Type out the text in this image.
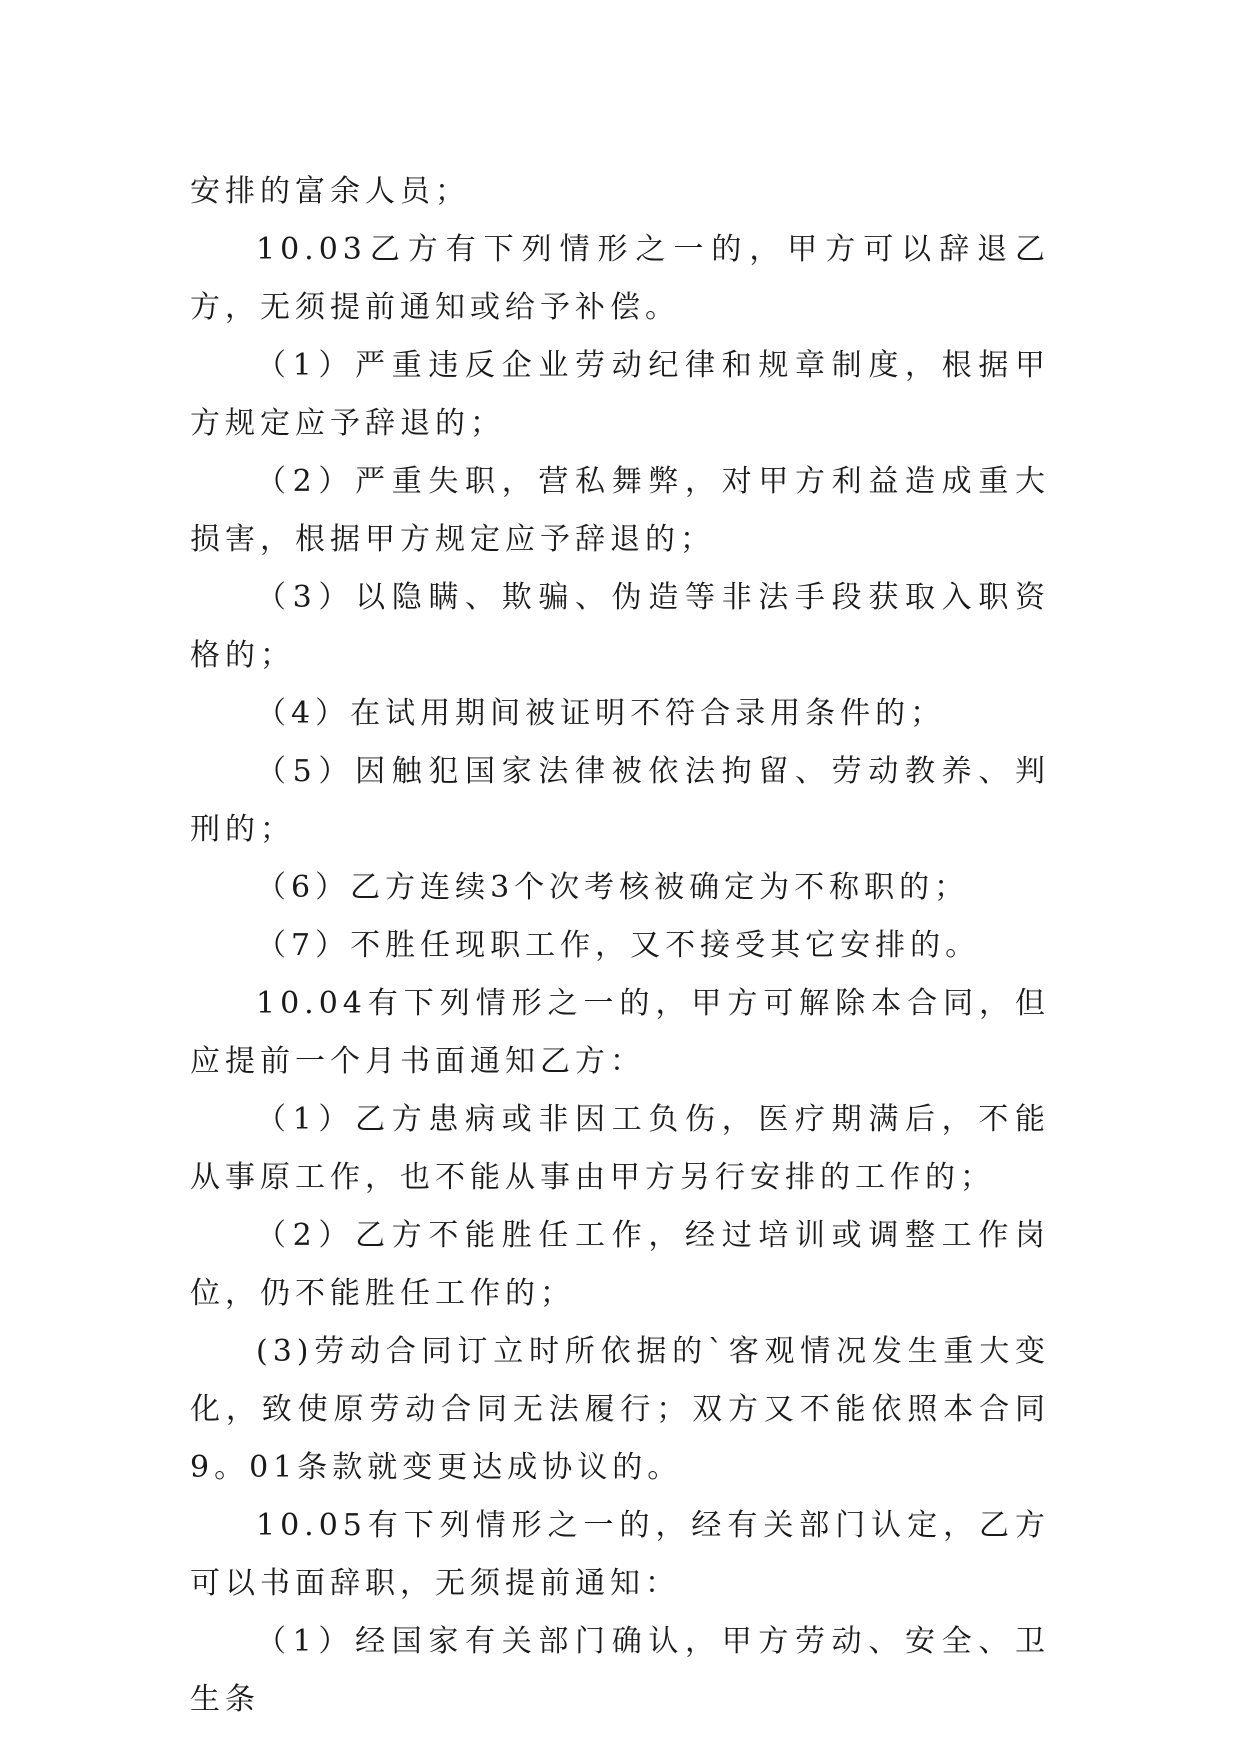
安排的富余人员；

10.03乙方有下列情形之一的，甲方可以辞退乙方，无须提前通知或给予补偿。

（1）严重违反企业劳动纪律和规章制度，根据甲方规定应予辞退的；

（2）严重失职，营私舞弊，对甲方利益造成重大损害，根据甲方规定应予辞退的；

（3）以隐瞒、欺骗、伪造等非法手段获取入职资格的；

（4）在试用期间被证明不符合录用条件的；

（5）因触犯国家法律被依法拘留、劳动教养、判刑的；

（6）乙方连续3个次考核被确定为不称职的；

（7）不胜任现职工作，又不接受其它安排的。

10.04有下列情形之一的，甲方可解除本合同，但应提前一个月书面通知乙方：

（1）乙方患病或非因工负伤，医疗期满后，不能从事原工作，也不能从事由甲方另行安排的工作的；

（2）乙方不能胜任工作，经过培训或调整工作岗位，仍不能胜任工作的；

(3)劳动合同订立时所依据的`客观情况发生重大变化，致使原劳动合同无法履行；双方又不能依照本合同9。01条款就变更达成协议的。

10.05有下列情形之一的，经有关部门认定，乙方可以书面辞职，无须提前通知：

（1）经国家有关部门确认，甲方劳动、安全、卫生条
